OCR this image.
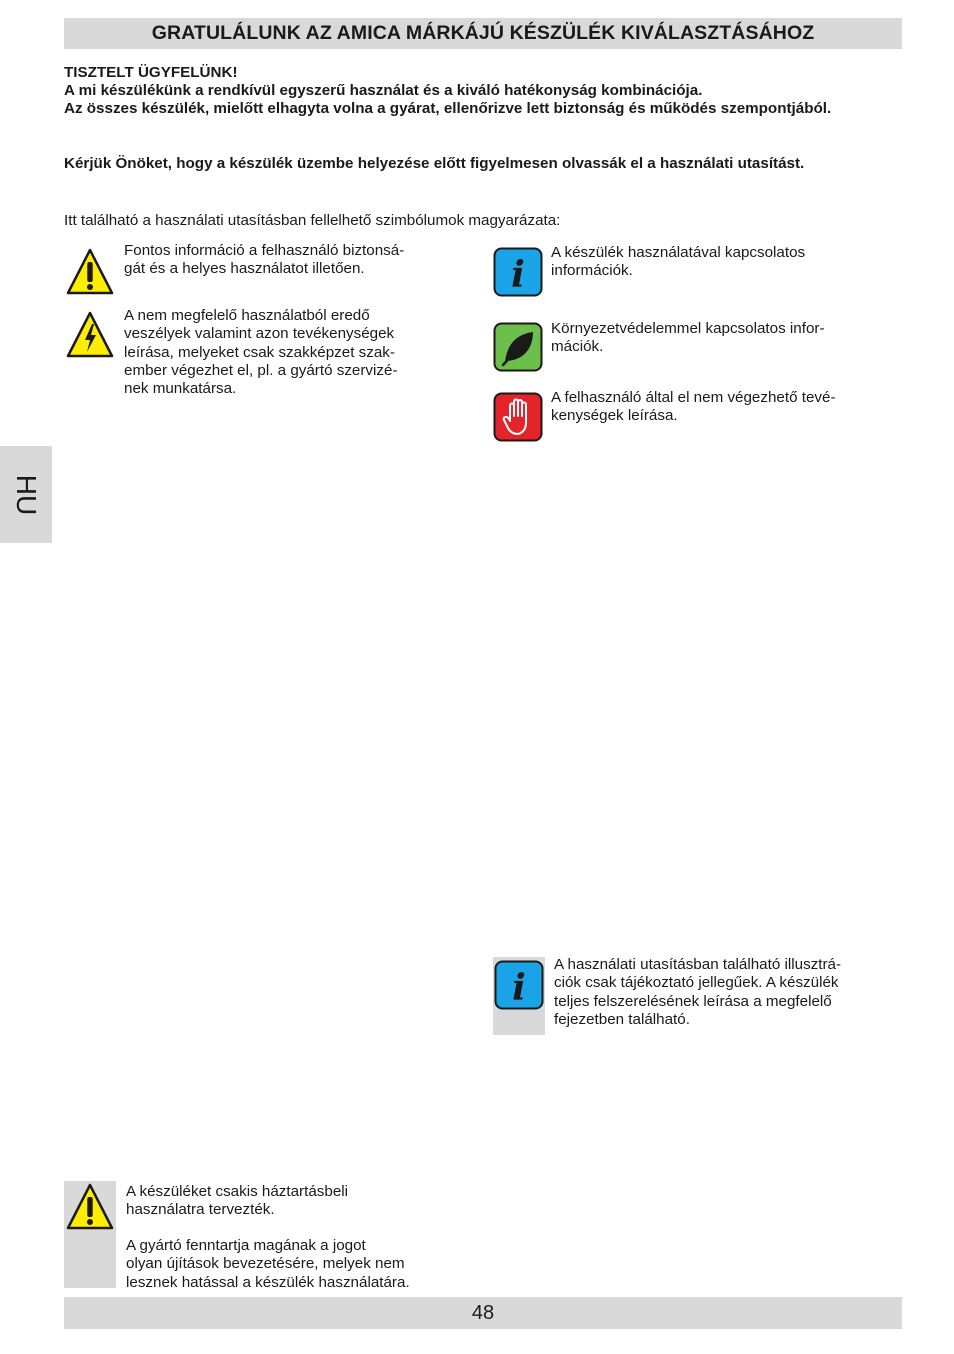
GRATULÁLUNK AZ AMICA MÁRKÁJÚ KÉSZÜLÉK KIVÁLASZTÁSÁHOZ
HU

TISZTELT ÜGYFELÜNK!

A mi készülékünk a rendkívül egyszerű használat és a kiváló hatékonyság kombinációja.

Az összes készülék, mielőtt elhagyta volna a gyárat, ellenőrizve lett biztonság és működés szempontjából.

Kérjük Önöket, hogy a készülék üzembe helyezése előtt figyelmesen olvassák el a használati utasítást.
Itt található a használati utasításban fellelhető szimbólumok magyarázata:
Fontos információ a felhasználó biztonsá-
gát és a helyes használatot illetően.
A nem megfelelő használatból eredő
veszélyek valamint azon tevékenységek
leírása, melyeket csak szakképzet szak-
ember végezhet el, pl. a gyártó szervizé-
nek munkatársa.
i
A készülék használatával kapcsolatos
információk.
Környezetvédelemmel kapcsolatos infor-
mációk.
A felhasználó által el nem végezhető tevé-
kenységek leírása.
i
A használati utasításban található illusztrá-
ciók csak tájékoztató jellegűek. A készülék
teljes felszerelésének leírása a megfelelő
fejezetben található.
A készüléket csakis háztartásbeli
használatra tervezték.
A gyártó fenntartja magának a jogot
olyan újítások bevezetésére, melyek nem
lesznek hatással a készülék használatára.
48
